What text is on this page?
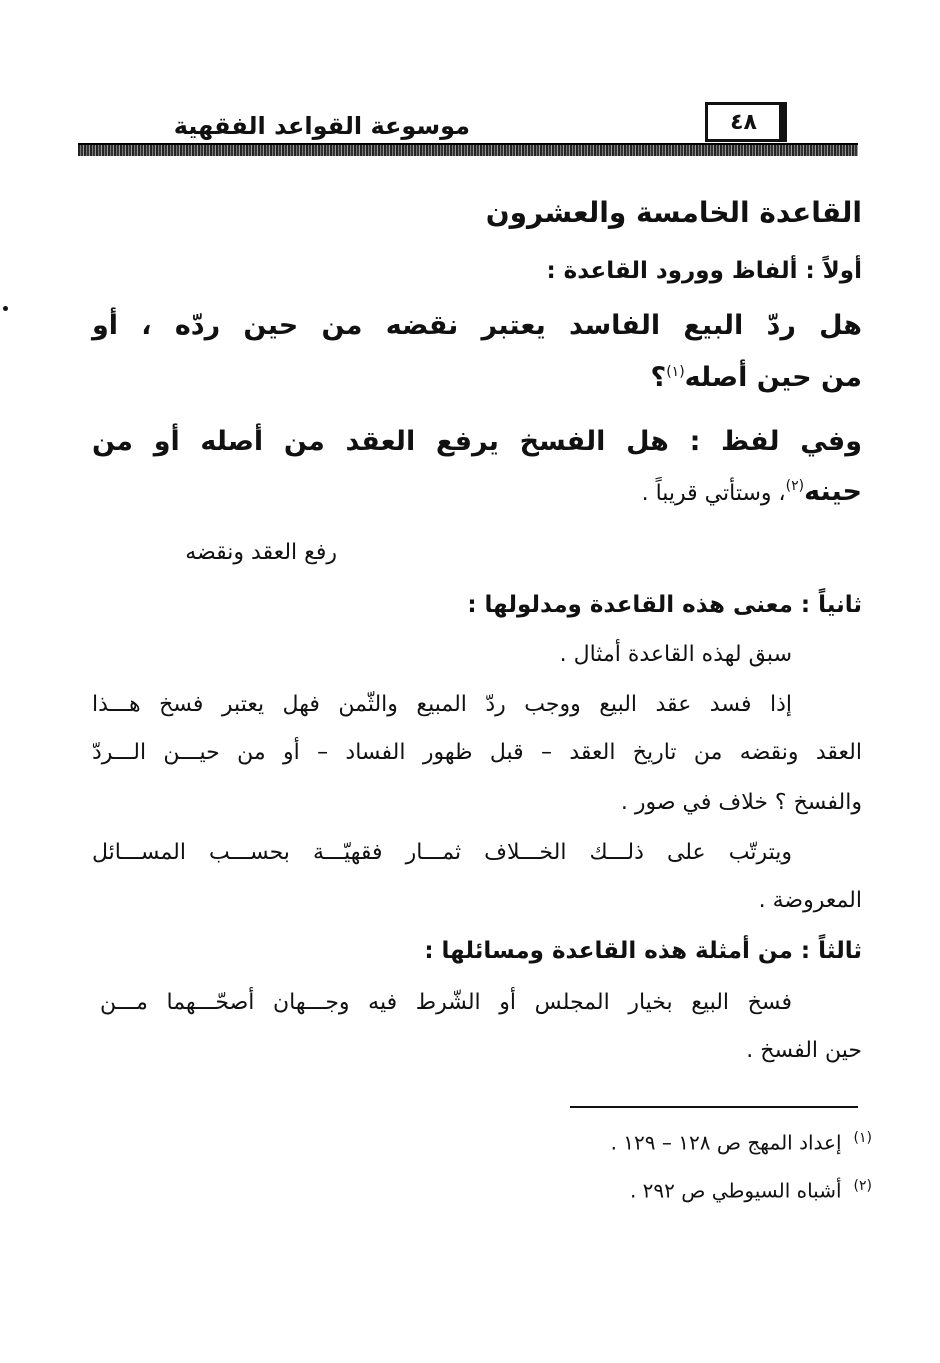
موسوعة القواعد الفقهية	٤٨
القاعدة الخامسة والعشرون
أولاً : ألفاظ وورود القاعدة :
هل ردّ البيع الفاسد يعتبر نقضه من حين ردّه ، أو
من حين أصله$^{(١)}$؟
وفي لفظ : هل الفسخ يرفع العقد من أصله أو من
حينه$^{(٢)}$، وستأتي قريباً .
رفع العقد ونقضه
ثانياً : معنى هذه القاعدة ومدلولها :
سبق لهذه القاعدة أمثال .
إذا فسد عقد البيع ووجب ردّ المبيع والثّمن فهل يعتبر فسخ هـــذا
العقد ونقضه من تاريخ العقد – قبل ظهور الفساد – أو من حيـــن الـــردّ
والفسخ ؟ خلاف في صور .
ويترتّب على ذلـــك الخـــلاف ثمـــار فقهيّـــة بحســـب المســـائل
المعروضة .
ثالثاً : من أمثلة هذه القاعدة ومسائلها :
فسخ البيع بخيار المجلس أو الشّرط فيه وجـــهان أصحّـــهما مـــن
حين الفسخ .
$^{(١)}$إعداد المهج ص ١٢٨ – ١٢٩ .
$^{(٢)}$أشباه السيوطي ص ٢٩٢ .
